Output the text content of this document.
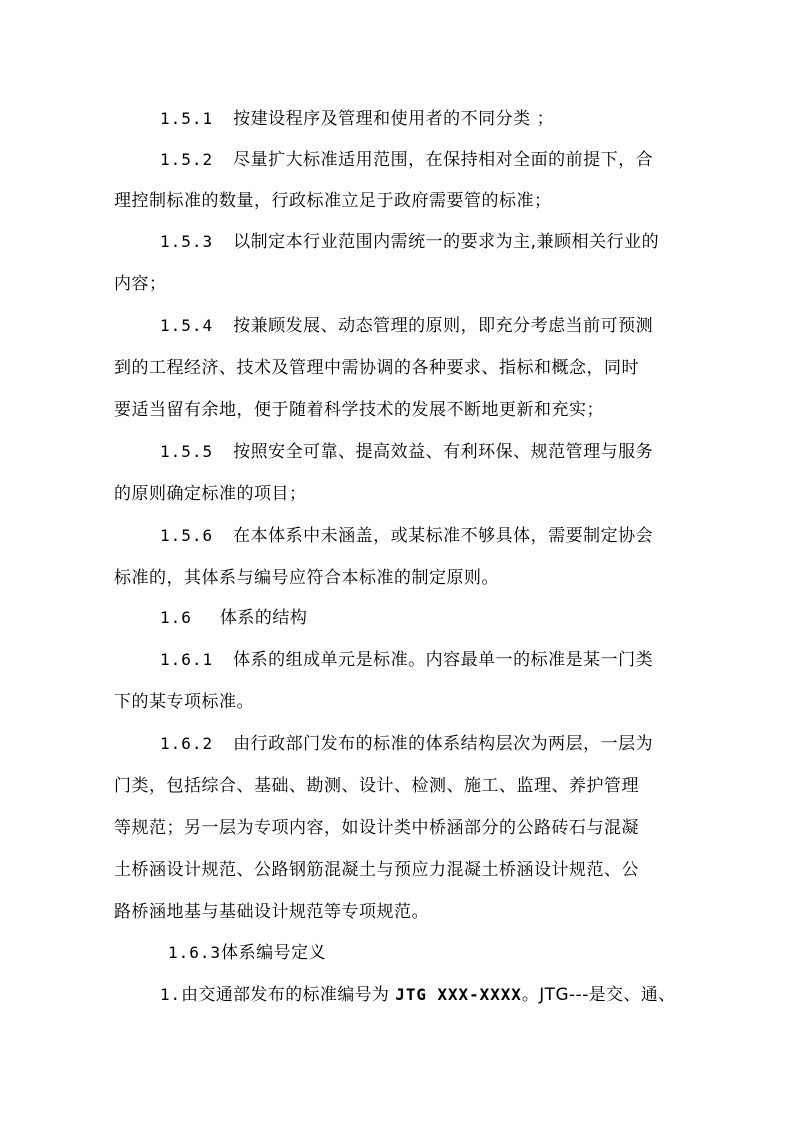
1.5.1 按建设程序及管理和使用者的不同分类 ；
1.5.2 尽量扩大标准适用范围，在保持相对全面的前提下，合
理控制标准的数量，行政标准立足于政府需要管的标准；
1.5.3 以制定本行业范围内需统一的要求为主,兼顾相关行业的
内容；
1.5.4 按兼顾发展、动态管理的原则，即充分考虑当前可预测
到的工程经济、技术及管理中需协调的各种要求、指标和概念，同时
要适当留有余地，便于随着科学技术的发展不断地更新和充实；
1.5.5 按照安全可靠、提高效益、有利环保、规范管理与服务
的原则确定标准的项目；
1.5.6 在本体系中未涵盖，或某标准不够具体，需要制定协会
标准的，其体系与编号应符合本标准的制定原则。
1.6 体系的结构
1.6.1 体系的组成单元是标准。内容最单一的标准是某一门类
下的某专项标准。
1.6.2 由行政部门发布的标准的体系结构层次为两层，一层为
门类，包括综合、基础、勘测、设计、检测、施工、监理、养护管理
等规范；另一层为专项内容，如设计类中桥涵部分的公路砖石与混凝
土桥涵设计规范、公路钢筋混凝土与预应力混凝土桥涵设计规范、公
路桥涵地基与基础设计规范等专项规范。
1.6.3体系编号定义
1.由交通部发布的标准编号为 JTG XXX-XXXX。JTG---是交、通、
